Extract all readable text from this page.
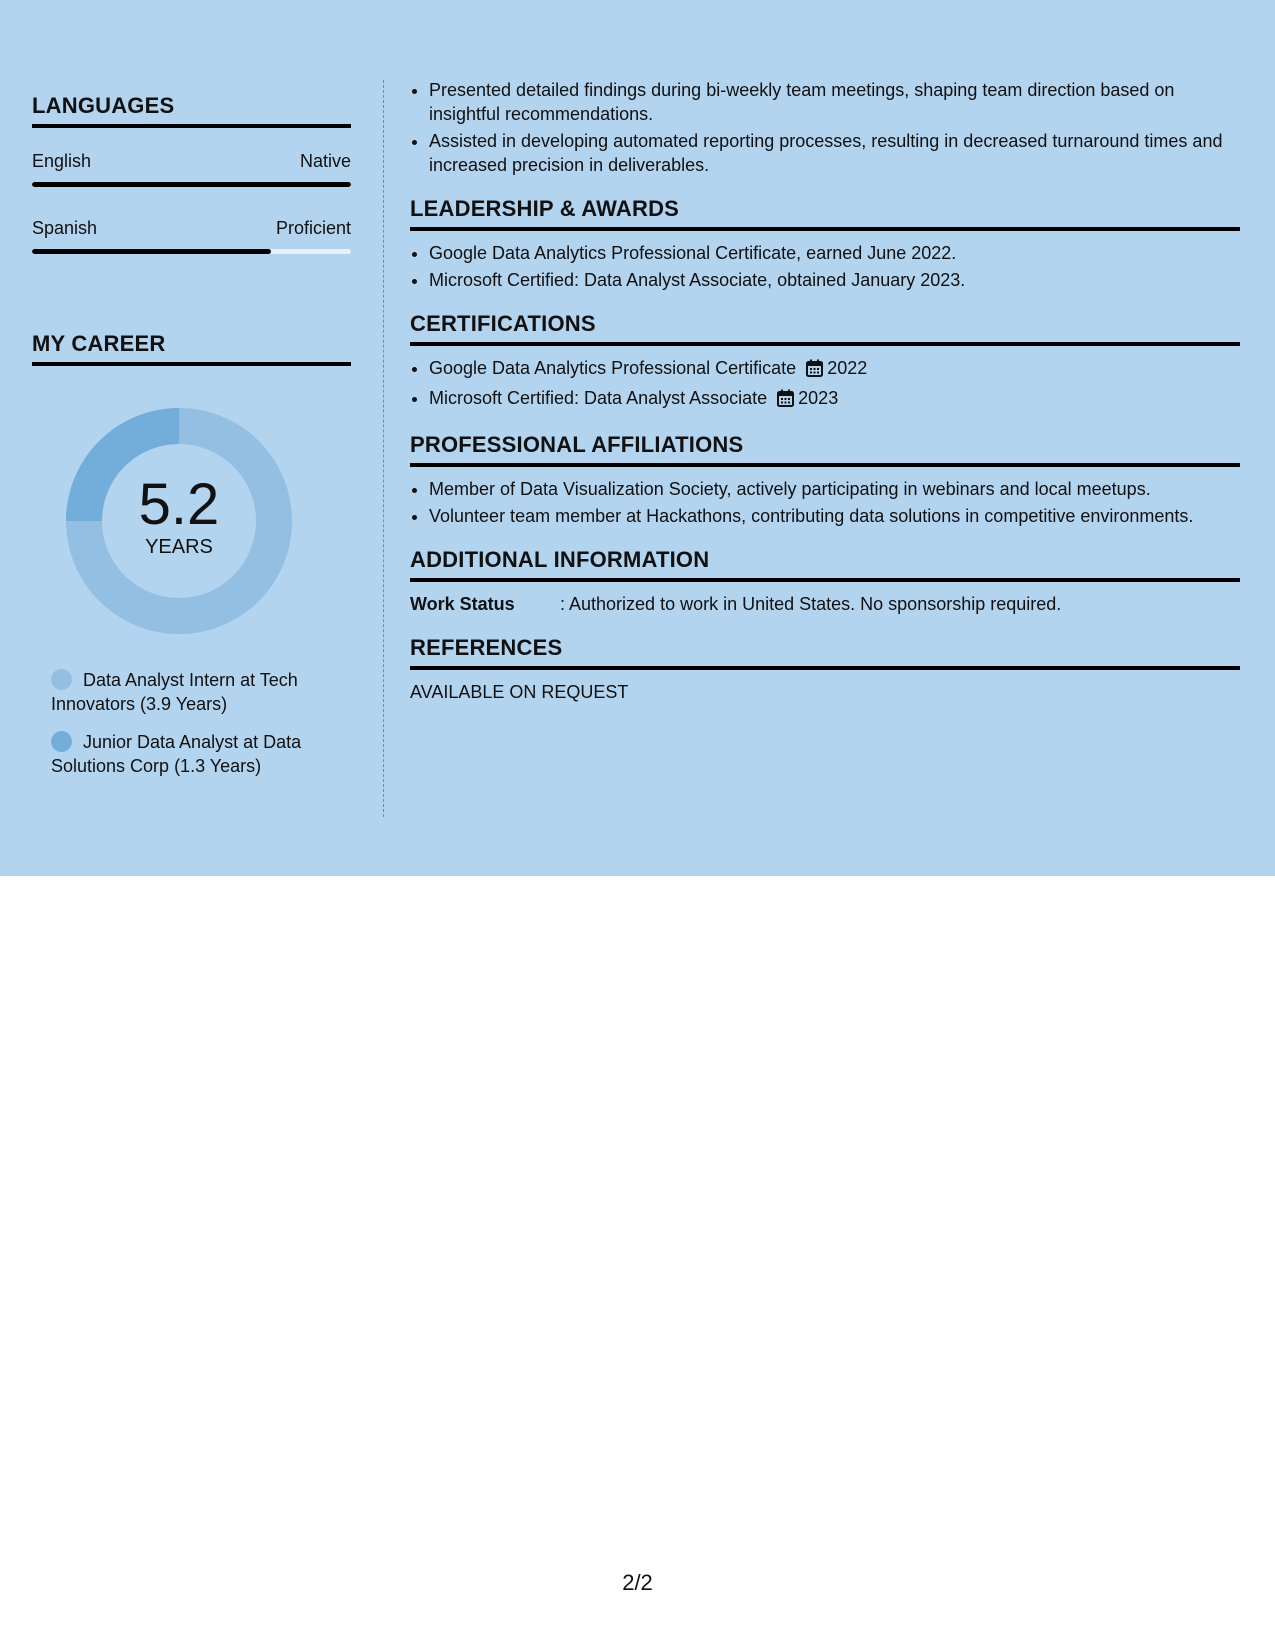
LANGUAGES
English	Native
Spanish	Proficient
MY CAREER
5.2
YEARS
Data Analyst Intern at Tech Innovators (3.9 Years)
Junior Data Analyst at Data Solutions Corp (1.3 Years)
• Presented detailed findings during bi-weekly team meetings, shaping team direction based on insightful recommendations.
• Assisted in developing automated reporting processes, resulting in decreased turnaround times and increased precision in deliverables.
LEADERSHIP & AWARDS
• Google Data Analytics Professional Certificate, earned June 2022.
• Microsoft Certified: Data Analyst Associate, obtained January 2023.
CERTIFICATIONS
• Google Data Analytics Professional Certificate 2022
• Microsoft Certified: Data Analyst Associate 2023
PROFESSIONAL AFFILIATIONS
• Member of Data Visualization Society, actively participating in webinars and local meetups.
• Volunteer team member at Hackathons, contributing data solutions in competitive environments.
ADDITIONAL INFORMATION
Work Status	: Authorized to work in United States. No sponsorship required.
REFERENCES
AVAILABLE ON REQUEST
2/2
